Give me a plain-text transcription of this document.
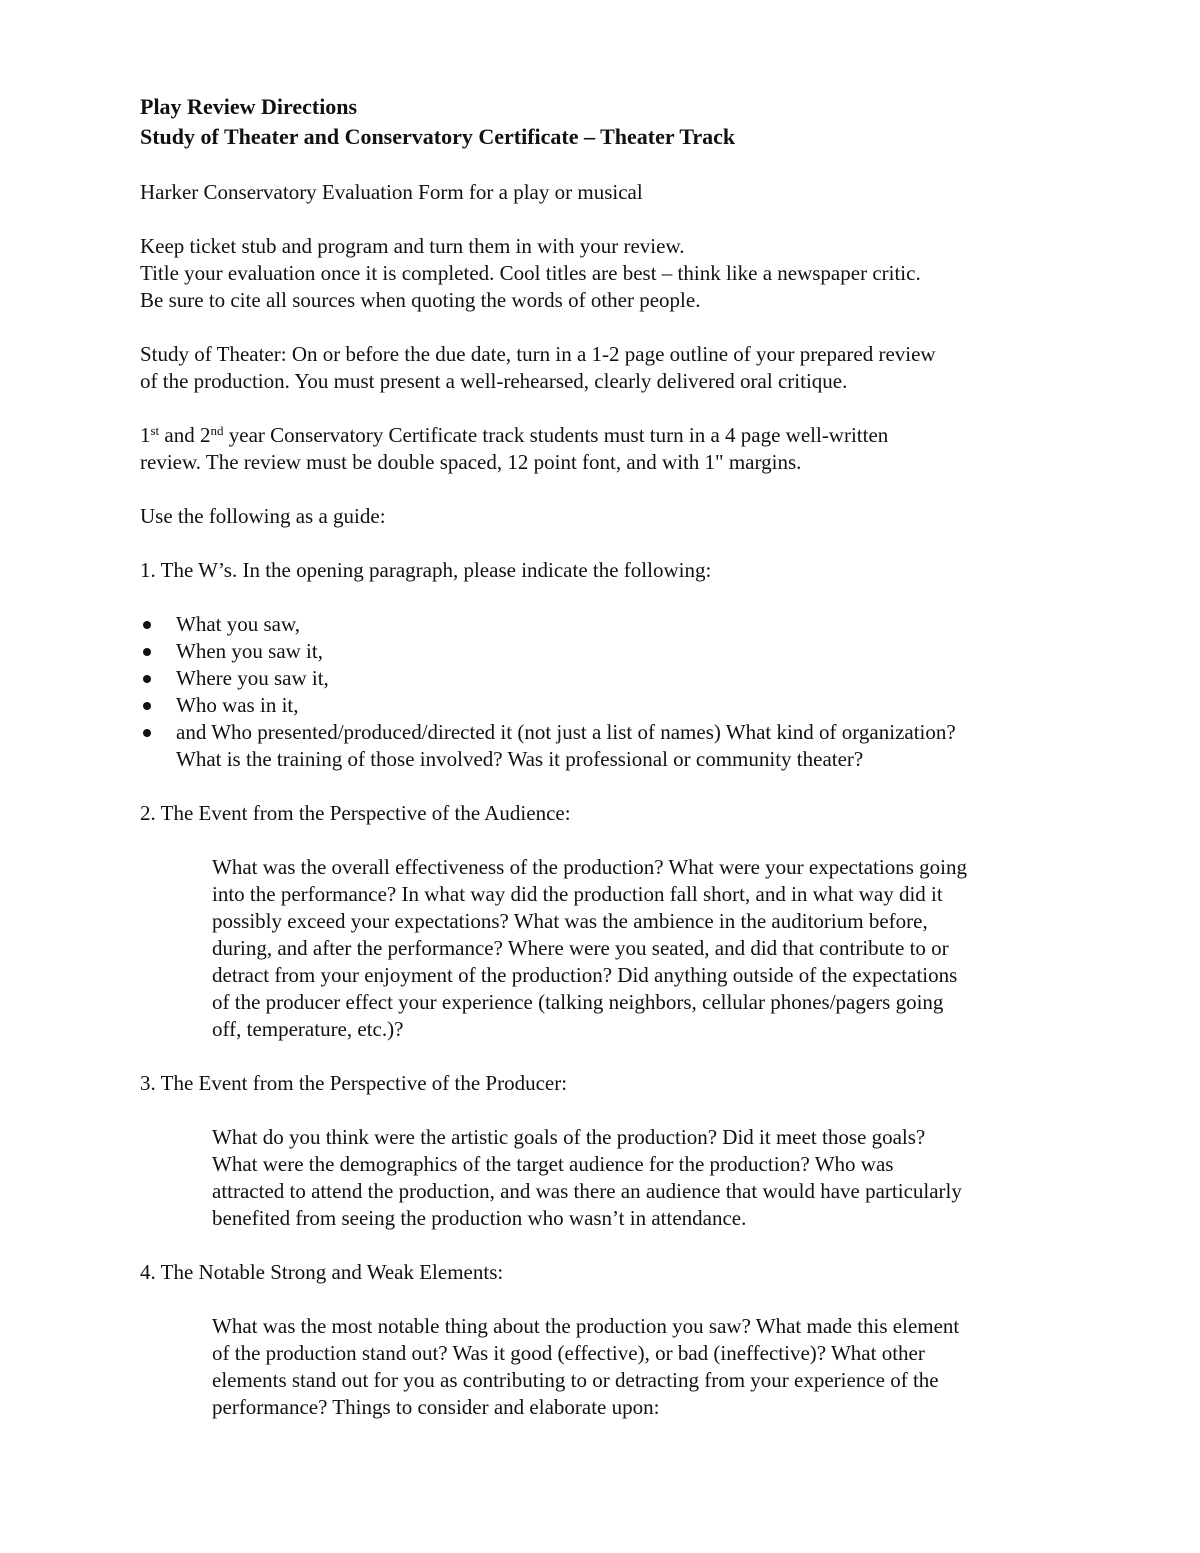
Play Review Directions
Study of Theater and Conservatory Certificate – Theater Track

Harker Conservatory Evaluation Form for a play or musical

Keep ticket stub and program and turn them in with your review.

Title your evaluation once it is completed. Cool titles are best – think like a newspaper critic.

Be sure to cite all sources when quoting the words of other people.

Study of Theater: On or before the due date, turn in a 1-2 page outline of your prepared review

of the production. You must present a well-rehearsed, clearly delivered oral critique.

1st and 2nd year Conservatory Certificate track students must turn in a 4 page well-written

review. The review must be double spaced, 12 point font, and with 1" margins.

Use the following as a guide:

1. The W’s. In the opening paragraph, please indicate the following:

What you saw,
When you saw it,
Where you saw it,
Who was in it,
and Who presented/produced/directed it (not just a list of names) What kind of organization?

What is the training of those involved? Was it professional or community theater?

2. The Event from the Perspective of the Audience:

What was the overall effectiveness of the production? What were your expectations going

into the performance? In what way did the production fall short, and in what way did it

possibly exceed your expectations? What was the ambience in the auditorium before,

during, and after the performance? Where were you seated, and did that contribute to or

detract from your enjoyment of the production? Did anything outside of the expectations

of the producer effect your experience (talking neighbors, cellular phones/pagers going

off, temperature, etc.)?

3. The Event from the Perspective of the Producer:

What do you think were the artistic goals of the production? Did it meet those goals?

What were the demographics of the target audience for the production? Who was

attracted to attend the production, and was there an audience that would have particularly

benefited from seeing the production who wasn’t in attendance.

4. The Notable Strong and Weak Elements:

What was the most notable thing about the production you saw? What made this element

of the production stand out? Was it good (effective), or bad (ineffective)? What other

elements stand out for you as contributing to or detracting from your experience of the

performance? Things to consider and elaborate upon:
